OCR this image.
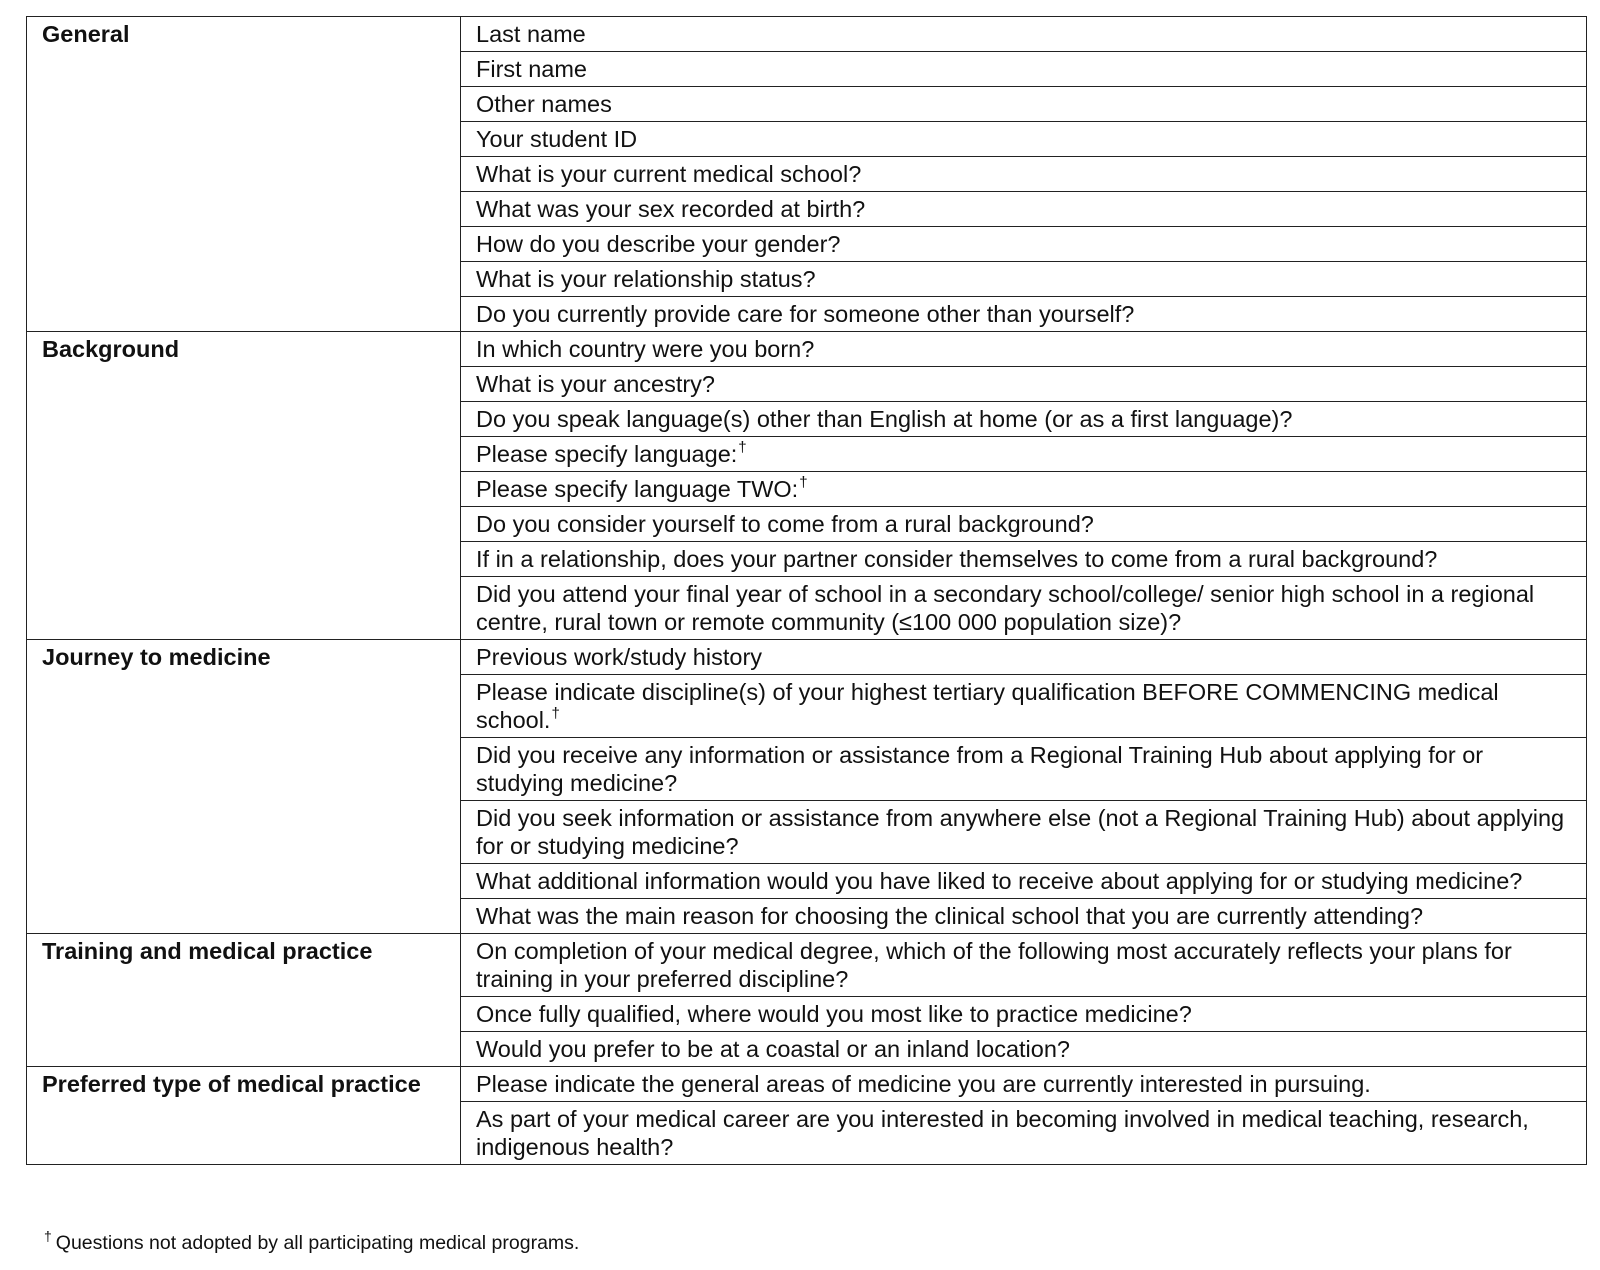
General	Last name
	First name
	Other names
	Your student ID
	What is your current medical school?
	What was your sex recorded at birth?
	How do you describe your gender?
	What is your relationship status?
	Do you currently provide care for someone other than yourself?
Background	In which country were you born?
	What is your ancestry?
	Do you speak language(s) other than English at home (or as a first language)?
	Please specify language:†
	Please specify language TWO:†
	Do you consider yourself to come from a rural background?
	If in a relationship, does your partner consider themselves to come from a rural background?
	Did you attend your final year of school in a secondary school/college/ senior high school in a regional centre, rural town or remote community (≤100 000 population size)?
Journey to medicine	Previous work/study history
	Please indicate discipline(s) of your highest tertiary qualification BEFORE COMMENCING medical school.†
	Did you receive any information or assistance from a Regional Training Hub about applying for or studying medicine?
	Did you seek information or assistance from anywhere else (not a Regional Training Hub) about applying for or studying medicine?
	What additional information would you have liked to receive about applying for or studying medicine?
	What was the main reason for choosing the clinical school that you are currently attending?
Training and medical practice	On completion of your medical degree, which of the following most accurately reflects your plans for training in your preferred discipline?
	Once fully qualified, where would you most like to practice medicine?
	Would you prefer to be at a coastal or an inland location?
Preferred type of medical practice	Please indicate the general areas of medicine you are currently interested in pursuing.
	As part of your medical career are you interested in becoming involved in medical teaching, research, indigenous health?
† Questions not adopted by all participating medical programs.
